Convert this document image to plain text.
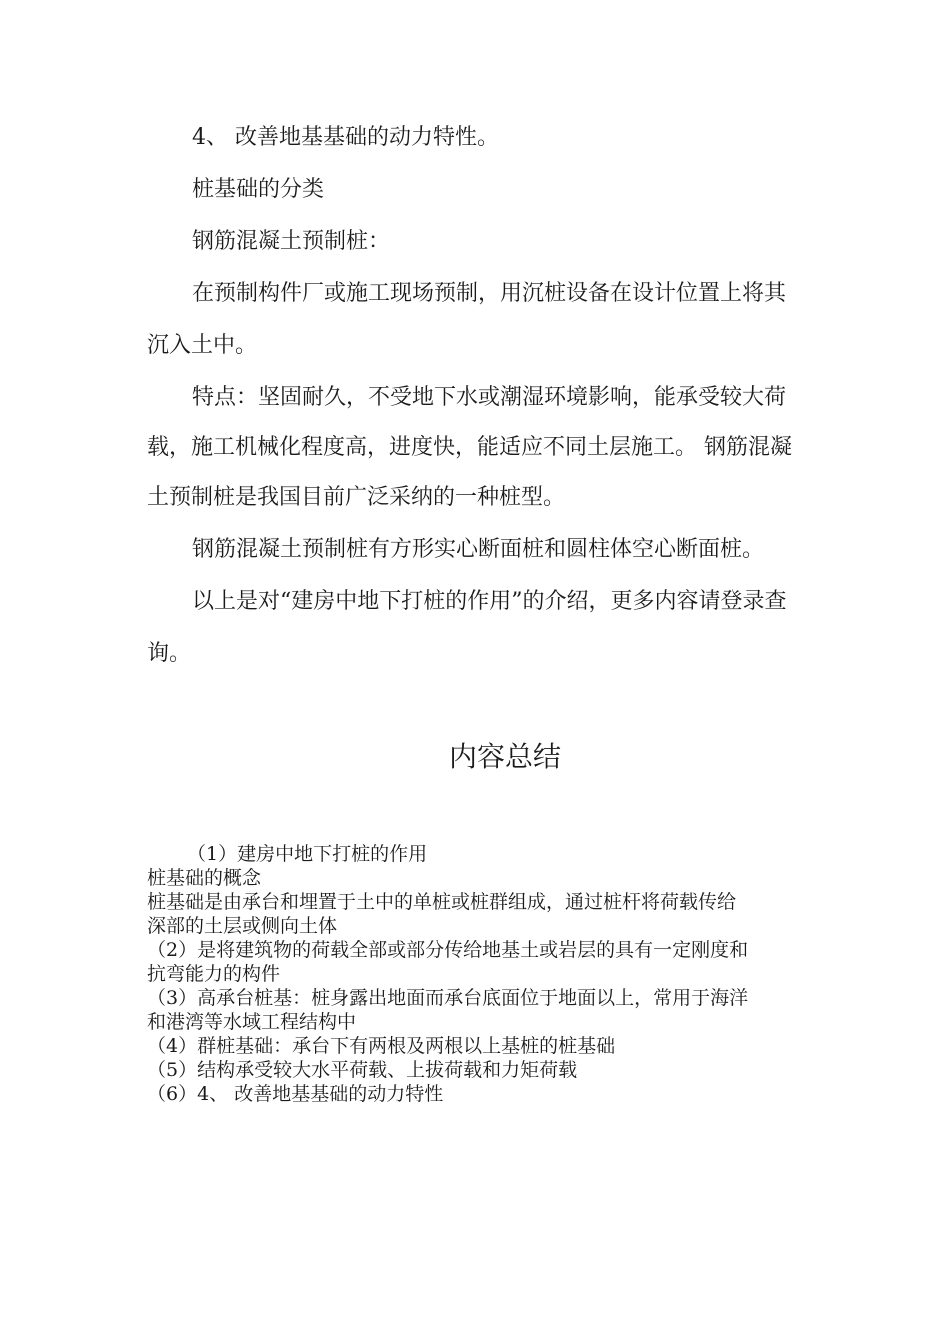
4、 改善地基基础的动力特性。

桩基础的分类

钢筋混凝土预制桩：

在预制构件厂或施工现场预制，用沉桩设备在设计位置上将其

沉入土中。

特点：坚固耐久，不受地下水或潮湿环境影响，能承受较大荷

载，施工机械化程度高，进度快，能适应不同土层施工。 钢筋混凝

土预制桩是我国目前广泛采纳的一种桩型。

钢筋混凝土预制桩有方形实心断面桩和圆柱体空心断面桩。

以上是对“建房中地下打桩的作用”的介绍，更多内容请登录查

询。

内容总结

（1）建房中地下打桩的作用

桩基础的概念

桩基础是由承台和埋置于土中的单桩或桩群组成，通过桩杆将荷载传给

深部的土层或侧向土体

（2）是将建筑物的荷载全部或部分传给地基土或岩层的具有一定刚度和

抗弯能力的构件

（3）高承台桩基：桩身露出地面而承台底面位于地面以上，常用于海洋

和港湾等水域工程结构中

（4）群桩基础：承台下有两根及两根以上基桩的桩基础

（5）结构承受较大水平荷载、上拔荷载和力矩荷载

（6）4、 改善地基基础的动力特性
